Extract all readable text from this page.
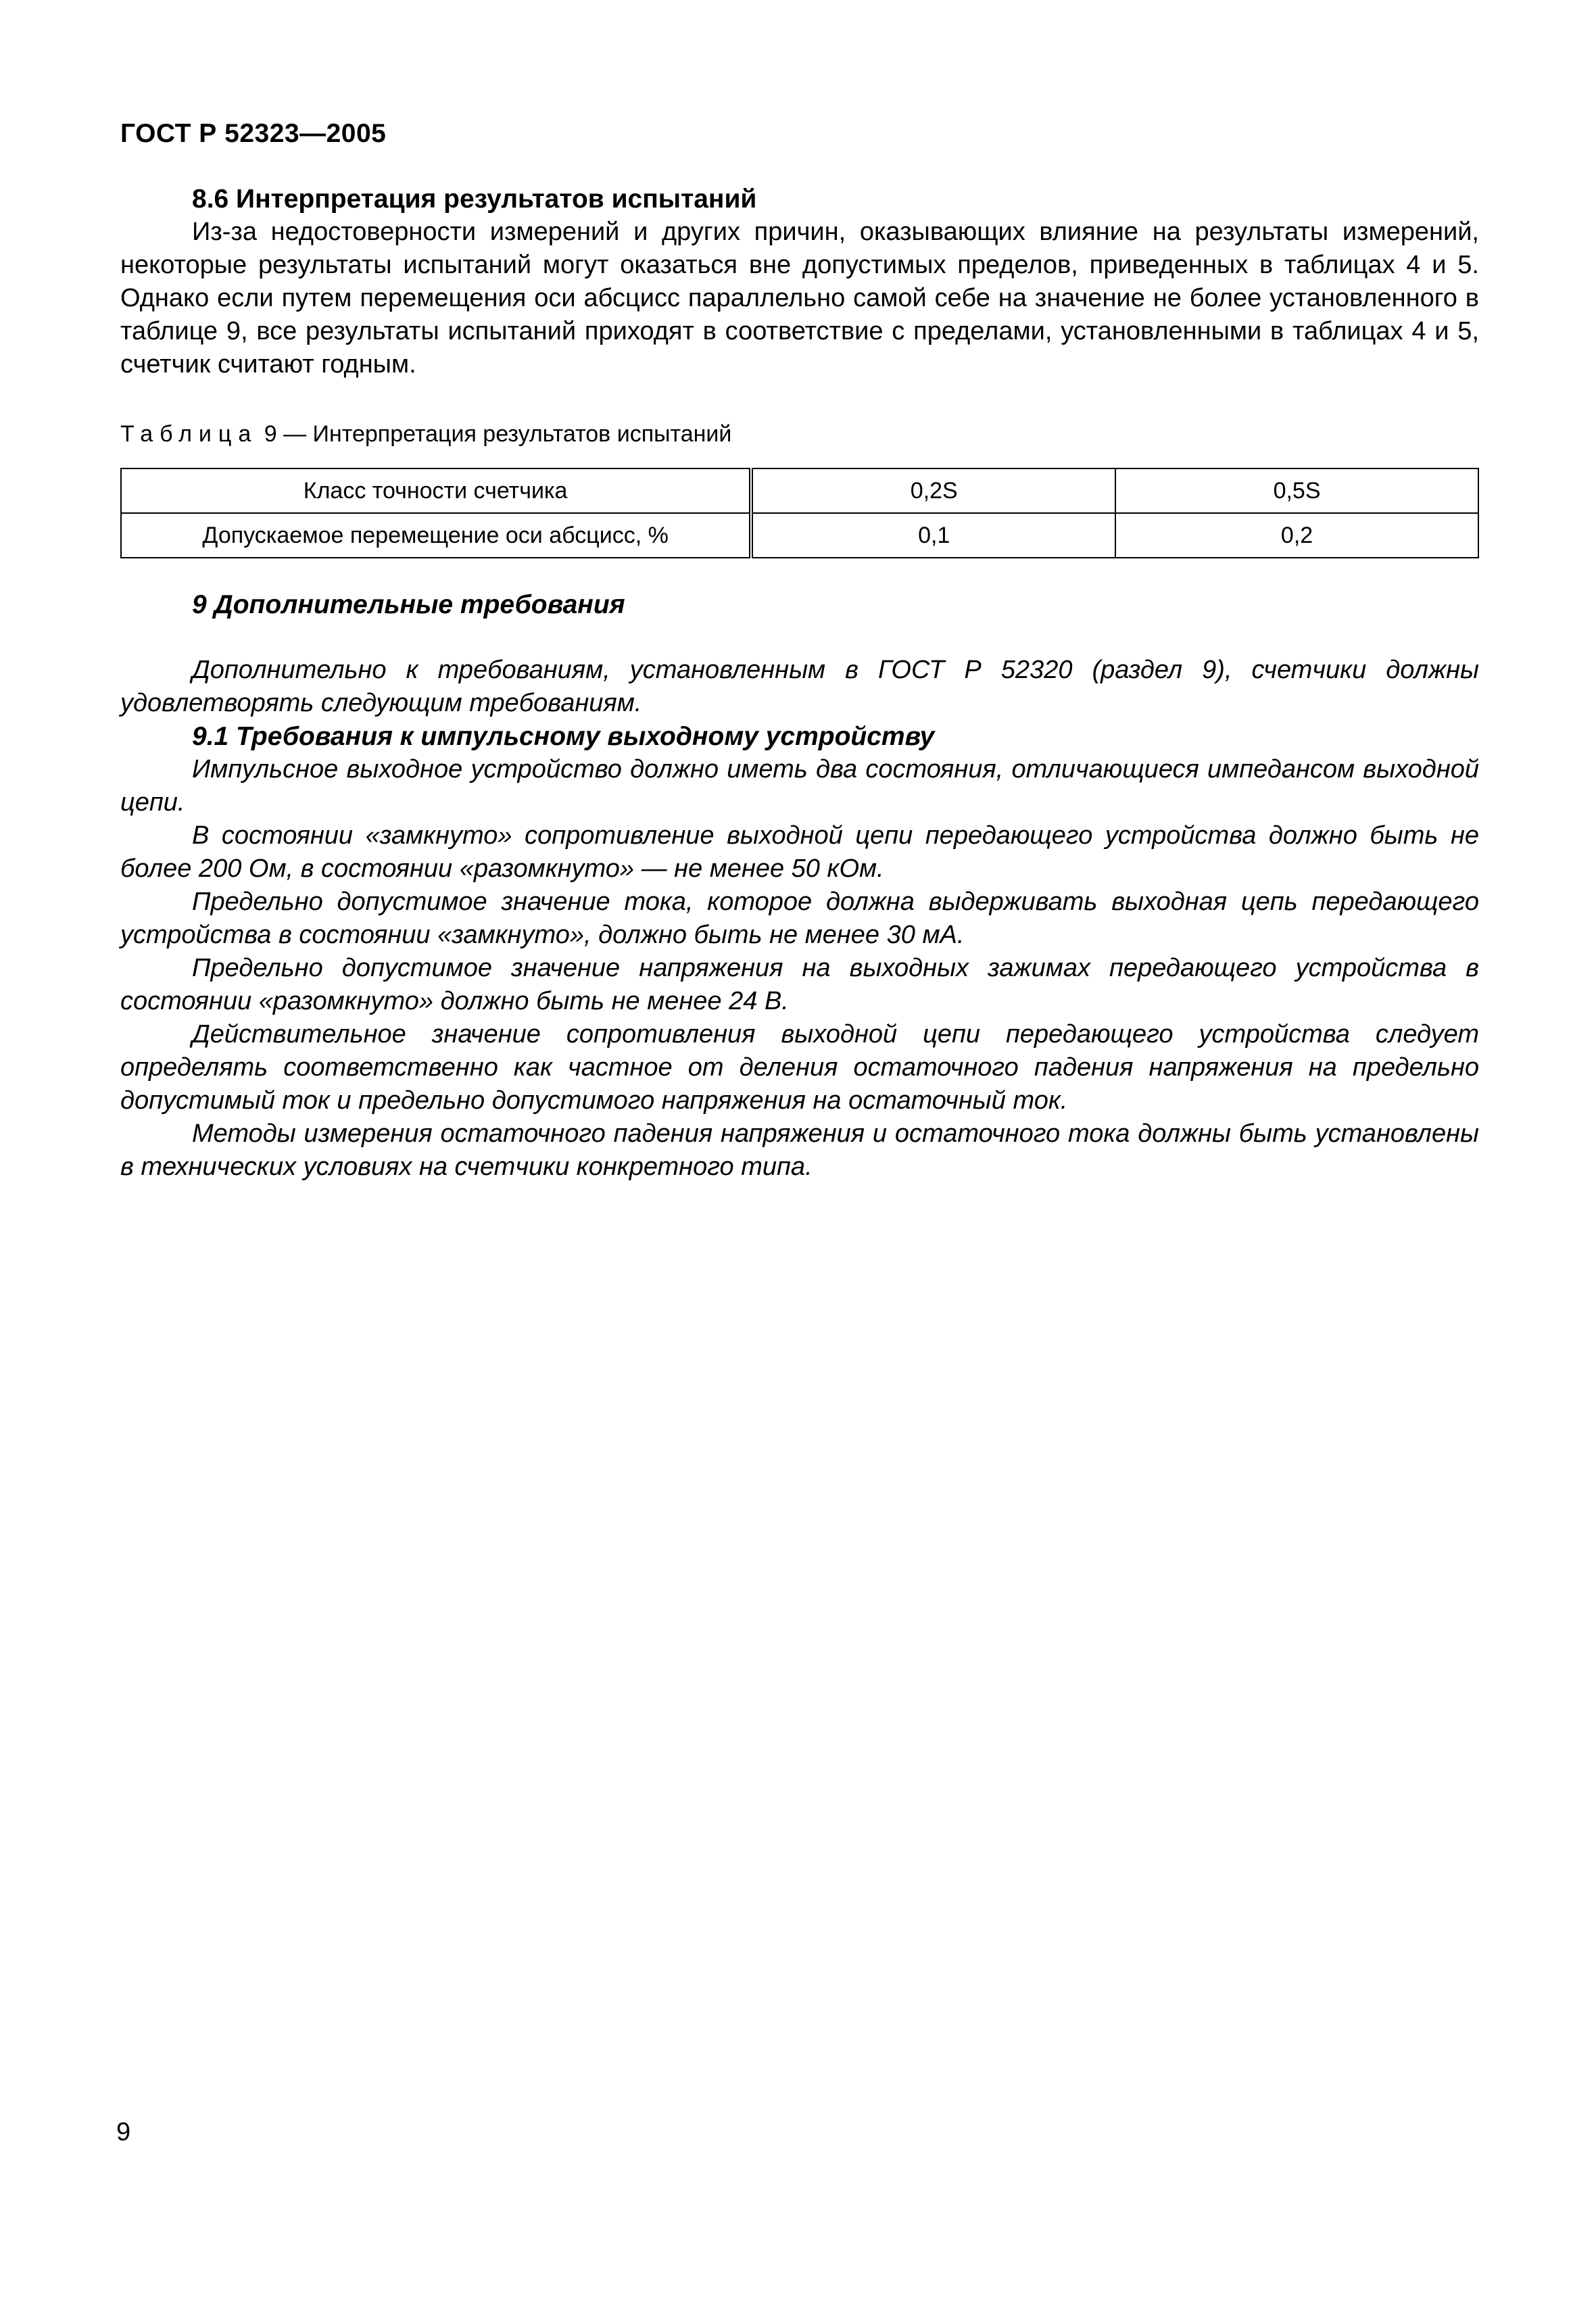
ГОСТ Р 52323—2005

8.6 Интерпретация результатов испытаний

Из-за недостоверности измерений и других причин, оказывающих влияние на результаты измерений, некоторые результаты испытаний могут оказаться вне допустимых пределов, приведенных в таблицах 4 и 5. Однако если путем перемещения оси абсцисс параллельно самой себе на значение не более установленного в таблице 9, все результаты испытаний приходят в соответствие с пределами, установленными в таблицах 4 и 5, счетчик считают годным.

Таблица 9 — Интерпретация результатов испытаний

Класс точности счетчика	0,2S	0,5S
Допускаемое перемещение оси абсцисс, %	0,1	0,2

9 Дополнительные требования

Дополнительно к требованиям, установленным в ГОСТ Р 52320 (раздел 9), счетчики должны удовлетворять следующим требованиям.

9.1 Требования к импульсному выходному устройству

Импульсное выходное устройство должно иметь два состояния, отличающиеся импедансом выходной цепи.

В состоянии «замкнуто» сопротивление выходной цепи передающего устройства должно быть не более 200 Ом, в состоянии «разомкнуто» — не менее 50 кОм.

Предельно допустимое значение тока, которое должна выдерживать выходная цепь передающего устройства в состоянии «замкнуто», должно быть не менее 30 мА.

Предельно допустимое значение напряжения на выходных зажимах передающего устройства в состоянии «разомкнуто» должно быть не менее 24 В.

Действительное значение сопротивления выходной цепи передающего устройства следует определять соответственно как частное от деления остаточного падения напряжения на предельно допустимый ток и предельно допустимого напряжения на остаточный ток.

Методы измерения остаточного падения напряжения и остаточного тока должны быть установлены в технических условиях на счетчики конкретного типа.

9
